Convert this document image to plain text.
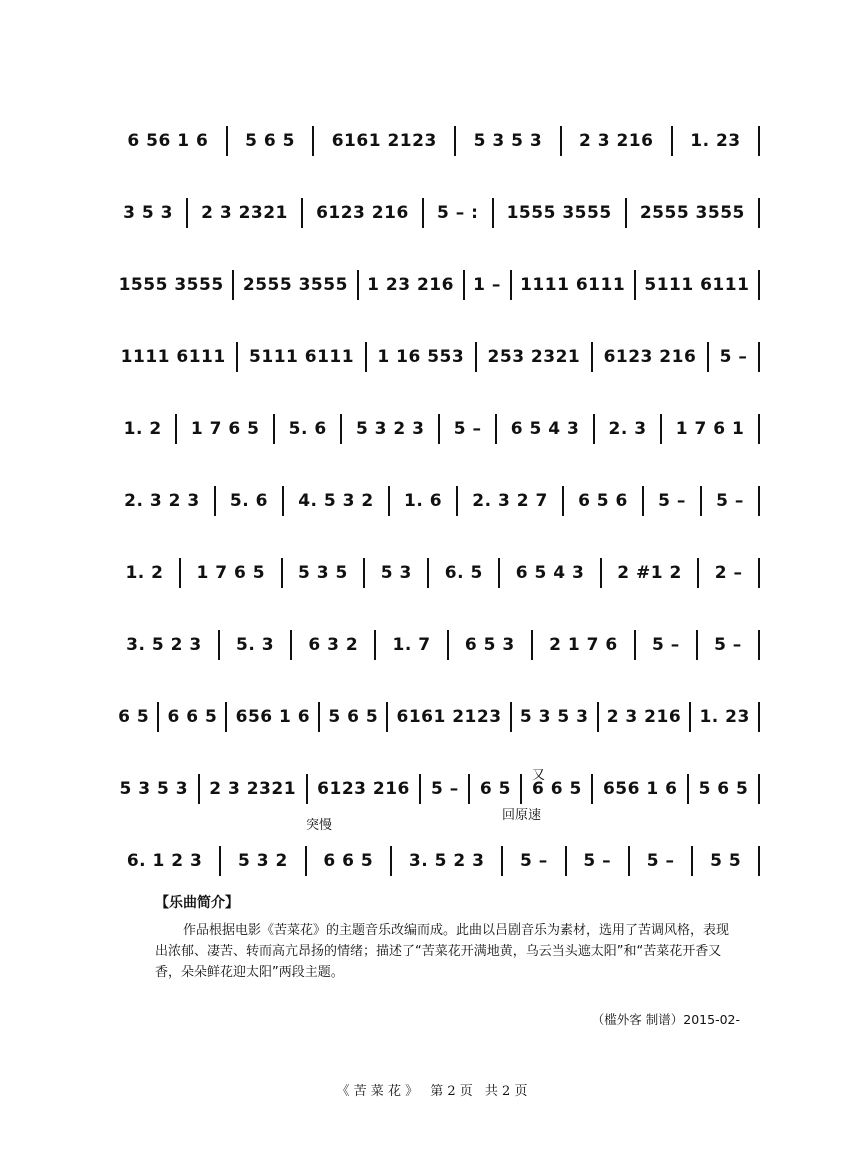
6 56 1 6	5 6 5	6161 2123	5 3 5 3	2 3 216	1. 23
3 5 3	2 3 2321	6123 216	5 – :	1555 3555	2555 3555
1555 3555	2555 3555	1 23 216	1 –	1111 6111	5111 6111
1111 6111	5111 6111	1 16 553	253 2321	6123 216	5 –
1. 2	1 7 6 5	5. 6	5 3 2 3	5 –	6 5 4 3	2. 3	1 7 6 1
2. 3 2 3	5. 6	4. 5 3 2	1. 6	2. 3 2 7	6 5 6	5 –	5 –
1. 2	1 7 6 5	5 3 5	5 3	6. 5	6 5 4 3	2 #1 2	2 –
3. 5 2 3	5. 3	6 3 2	1. 7	6 5 3	2 1 7 6	5 –	5 –
6 5	6 6 5	656 1 6	5 6 5	6161 2123	5 3 5 3	2 3 216	1. 23
5 3 5 3	2 3 2321	6123 216	5 –	6 5	6 6 5	656 1 6	5 6 5
6. 1 2 3	5 3 2	6 6 5	3. 5 2 3	5 –	5 –	5 –	5 5
突慢
回原速
又
【乐曲简介】

作品根据电影《苦菜花》的主题音乐改编而成。此曲以吕剧音乐为素材，选用了苦调风格，表现出浓郁、凄苦、转而高亢昂扬的情绪；描述了“苦菜花开满地黄，乌云当头遮太阳”和“苦菜花开香又香，朵朵鲜花迎太阳”两段主题。

（槛外客 制谱）2015-02-
《 苦 菜 花 》 第 2 页 共 2 页
